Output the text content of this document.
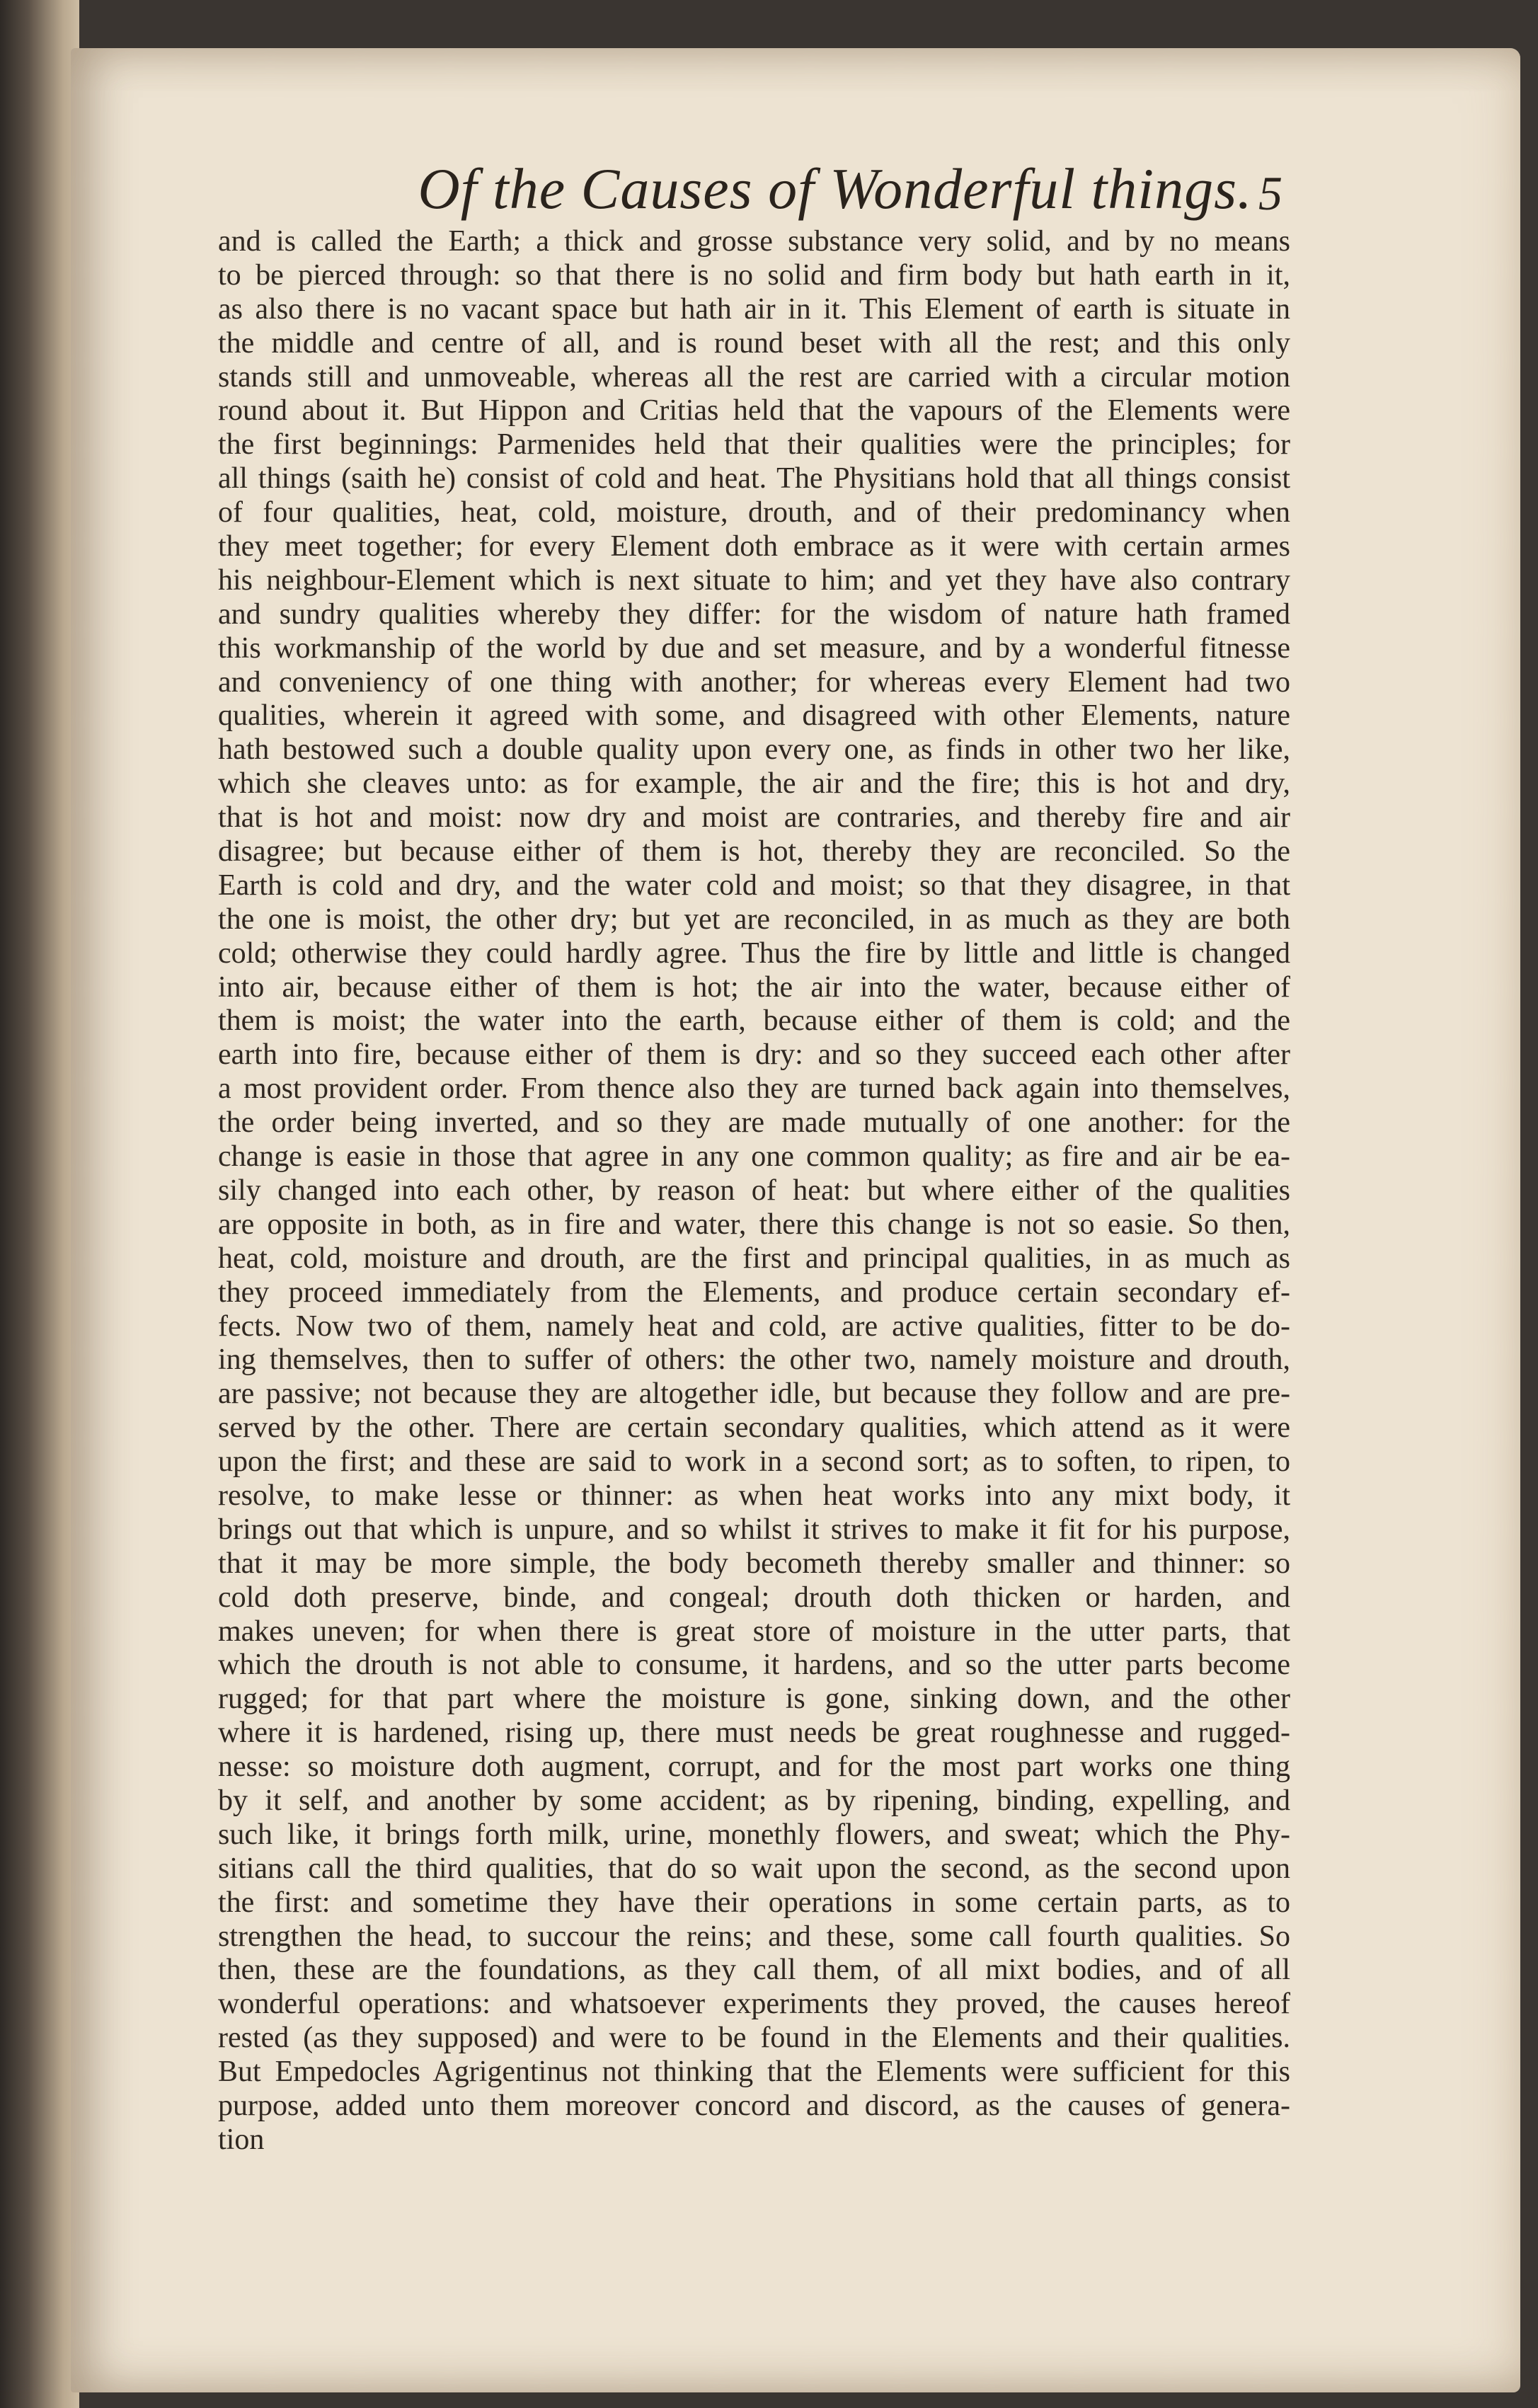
Of the Causes of Wonderful things. 5
and is called the Earth; a thick and grosse substance very solid, and by no means
to be pierced through: so that there is no solid and firm body but hath earth in it,
as also there is no vacant space but hath air in it. This Element of earth is situate in
the middle and centre of all, and is round beset with all the rest; and this only
stands still and unmoveable, whereas all the rest are carried with a circular motion
round about it. But Hippon and Critias held that the vapours of the Elements were
the first beginnings: Parmenides held that their qualities were the principles; for
all things (saith he) consist of cold and heat. The Physitians hold that all things consist
of four qualities, heat, cold, moisture, drouth, and of their predominancy when
they meet together; for every Element doth embrace as it were with certain armes
his neighbour-Element which is next situate to him; and yet they have also contrary
and sundry qualities whereby they differ: for the wisdom of nature hath framed
this workmanship of the world by due and set measure, and by a wonderful fitnesse
and conveniency of one thing with another; for whereas every Element had two
qualities, wherein it agreed with some, and disagreed with other Elements, nature
hath bestowed such a double quality upon every one, as finds in other two her like,
which she cleaves unto: as for example, the air and the fire; this is hot and dry,
that is hot and moist: now dry and moist are contraries, and thereby fire and air
disagree; but because either of them is hot, thereby they are reconciled. So the
Earth is cold and dry, and the water cold and moist; so that they disagree, in that
the one is moist, the other dry; but yet are reconciled, in as much as they are both
cold; otherwise they could hardly agree. Thus the fire by little and little is changed
into air, because either of them is hot; the air into the water, because either of
them is moist; the water into the earth, because either of them is cold; and the
earth into fire, because either of them is dry: and so they succeed each other after
a most provident order. From thence also they are turned back again into themselves,
the order being inverted, and so they are made mutually of one another: for the
change is easie in those that agree in any one common quality; as fire and air be ea-
sily changed into each other, by reason of heat: but where either of the qualities
are opposite in both, as in fire and water, there this change is not so easie. So then,
heat, cold, moisture and drouth, are the first and principal qualities, in as much as
they proceed immediately from the Elements, and produce certain secondary ef-
fects. Now two of them, namely heat and cold, are active qualities, fitter to be do-
ing themselves, then to suffer of others: the other two, namely moisture and drouth,
are passive; not because they are altogether idle, but because they follow and are pre-
served by the other. There are certain secondary qualities, which attend as it were
upon the first; and these are said to work in a second sort; as to soften, to ripen, to
resolve, to make lesse or thinner: as when heat works into any mixt body, it
brings out that which is unpure, and so whilst it strives to make it fit for his purpose,
that it may be more simple, the body becometh thereby smaller and thinner: so
cold doth preserve, binde, and congeal; drouth doth thicken or harden, and
makes uneven; for when there is great store of moisture in the utter parts, that
which the drouth is not able to consume, it hardens, and so the utter parts become
rugged; for that part where the moisture is gone, sinking down, and the other
where it is hardened, rising up, there must needs be great roughnesse and rugged-
nesse: so moisture doth augment, corrupt, and for the most part works one thing
by it self, and another by some accident; as by ripening, binding, expelling, and
such like, it brings forth milk, urine, monethly flowers, and sweat; which the Phy-
sitians call the third qualities, that do so wait upon the second, as the second upon
the first: and sometime they have their operations in some certain parts, as to
strengthen the head, to succour the reins; and these, some call fourth qualities. So
then, these are the foundations, as they call them, of all mixt bodies, and of all
wonderful operations: and whatsoever experiments they proved, the causes hereof
rested (as they supposed) and were to be found in the Elements and their qualities.
But Empedocles Agrigentinus not thinking that the Elements were sufficient for this
purpose, added unto them moreover concord and discord, as the causes of genera-
tion
